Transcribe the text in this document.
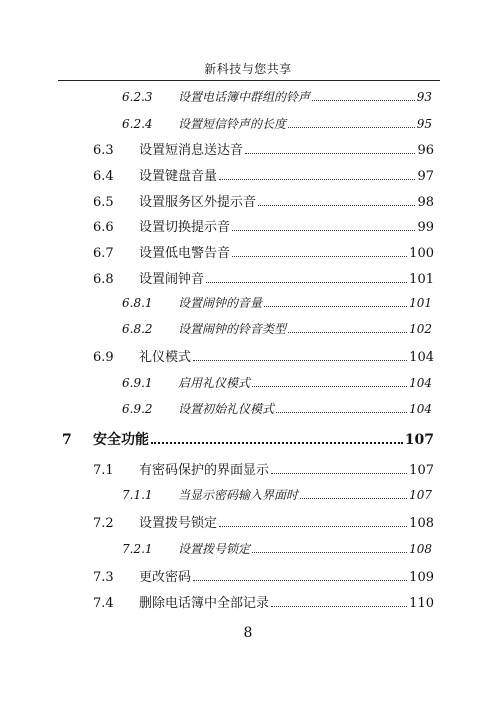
新科技与您共享
6.2.3	设置电话簿中群组的铃声	93
6.2.4	设置短信铃声的长度	95
6.3	设置短消息送达音	96
6.4	设置键盘音量	97
6.5	设置服务区外提示音	98
6.6	设置切换提示音	99
6.7	设置低电警告音	100
6.8	设置闹钟音	101
6.8.1	设置闹钟的音量	101
6.8.2	设置闹钟的铃音类型	102
6.9	礼仪模式	104
6.9.1	启用礼仪模式	104
6.9.2	设置初始礼仪模式	104
7	安全功能	107
7.1	有密码保护的界面显示	107
7.1.1	当显示密码输入界面时	107
7.2	设置拨号锁定	108
7.2.1	设置拨号锁定	108
7.3	更改密码	109
7.4	删除电话簿中全部记录	110
8
